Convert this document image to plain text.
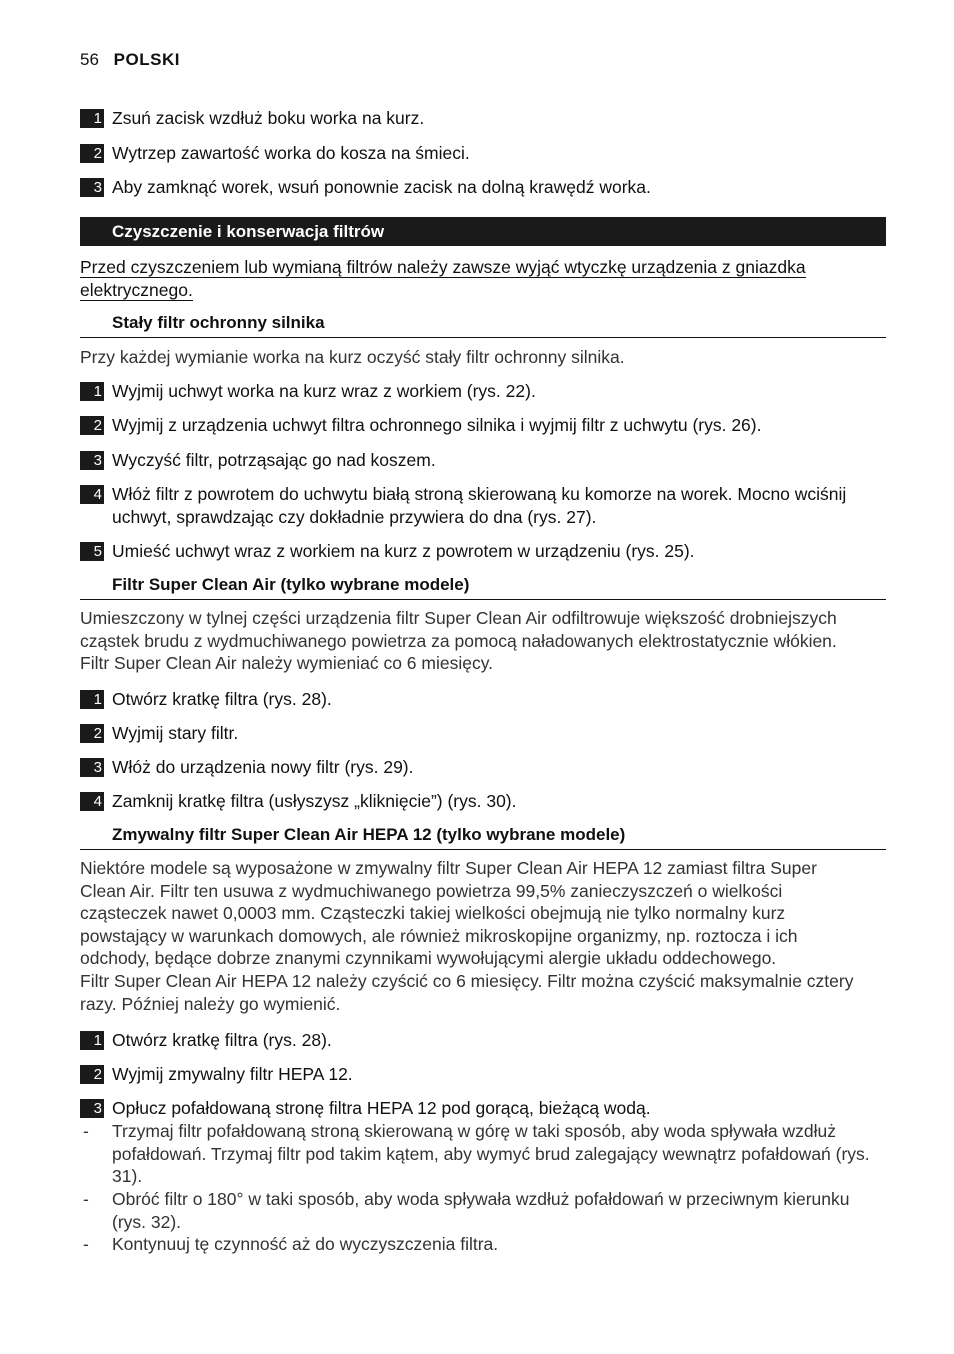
56 POLSKI
1 Zsuń zacisk wzdłuż boku worka na kurz.
2 Wytrzep zawartość worka do kosza na śmieci.
3 Aby zamknąć worek, wsuń ponownie zacisk na dolną krawędź worka.
Czyszczenie i konserwacja filtrów
Przed czyszczeniem lub wymianą filtrów należy zawsze wyjąć wtyczkę urządzenia z gniazdka
elektrycznego.
Stały filtr ochronny silnika
Przy każdej wymianie worka na kurz oczyść stały filtr ochronny silnika.
1 Wyjmij uchwyt worka na kurz wraz z workiem (rys. 22).
2 Wyjmij z urządzenia uchwyt filtra ochronnego silnika i wyjmij filtr z uchwytu (rys. 26).
3 Wyczyść filtr, potrząsając go nad koszem.
4 Włóż filtr z powrotem do uchwytu białą stroną skierowaną ku komorze na worek. Mocno wciśnij uchwyt, sprawdzając czy dokładnie przywiera do dna (rys. 27).
5 Umieść uchwyt wraz z workiem na kurz z powrotem w urządzeniu (rys. 25).
Filtr Super Clean Air (tylko wybrane modele)
Umieszczony w tylnej części urządzenia filtr Super Clean Air odfiltrowuje większość drobniejszych
cząstek brudu z wydmuchiwanego powietrza za pomocą naładowanych elektrostatycznie włókien.
Filtr Super Clean Air należy wymieniać co 6 miesięcy.
1 Otwórz kratkę filtra (rys. 28).
2 Wyjmij stary filtr.
3 Włóż do urządzenia nowy filtr (rys. 29).
4 Zamknij kratkę filtra (usłyszysz „kliknięcie”) (rys. 30).
Zmywalny filtr Super Clean Air HEPA 12 (tylko wybrane modele)
Niektóre modele są wyposażone w zmywalny filtr Super Clean Air HEPA 12 zamiast filtra Super
Clean Air. Filtr ten usuwa z wydmuchiwanego powietrza 99,5% zanieczyszczeń o wielkości
cząsteczek nawet 0,0003 mm. Cząsteczki takiej wielkości obejmują nie tylko normalny kurz
powstający w warunkach domowych, ale również mikroskopijne organizmy, np. roztocza i ich
odchody, będące dobrze znanymi czynnikami wywołującymi alergie układu oddechowego.
Filtr Super Clean Air HEPA 12 należy czyścić co 6 miesięcy. Filtr można czyścić maksymalnie cztery
razy. Później należy go wymienić.
1 Otwórz kratkę filtra (rys. 28).
2 Wyjmij zmywalny filtr HEPA 12.
3 Opłucz pofałdowaną stronę filtra HEPA 12 pod gorącą, bieżącą wodą.
-	Trzymaj filtr pofałdowaną stroną skierowaną w górę w taki sposób, aby woda spływała wzdłuż pofałdowań. Trzymaj filtr pod takim kątem, aby wymyć brud zalegający wewnątrz pofałdowań (rys. 31).
-	Obróć filtr o 180° w taki sposób, aby woda spływała wzdłuż pofałdowań w przeciwnym kierunku (rys. 32).
-	Kontynuuj tę czynność aż do wyczyszczenia filtra.
